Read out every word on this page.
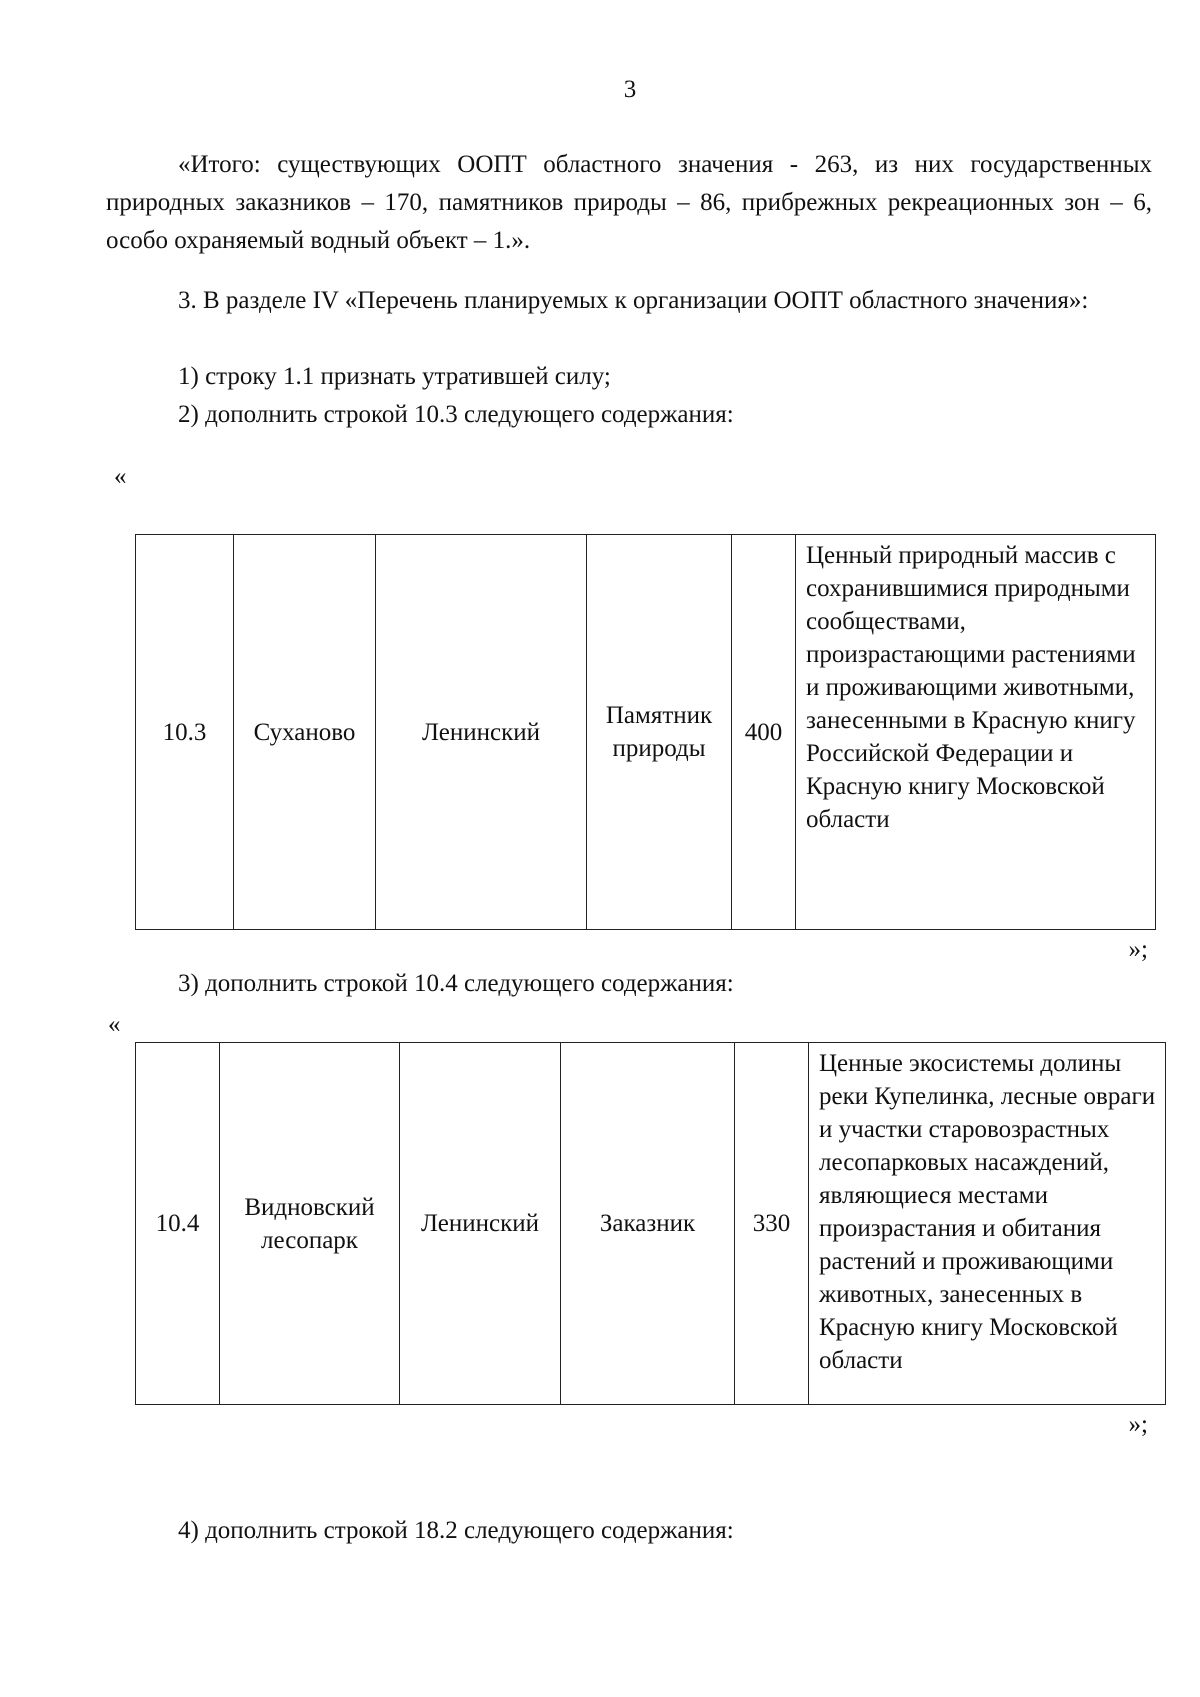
3

«Итого: существующих ООПТ областного значения - 263, из них государственных природных заказников – 170, памятников природы – 86, прибрежных рекреационных зон – 6, особо охраняемый водный объект – 1.».

3. В разделе IV «Перечень планируемых к организации ООПТ областного значения»:

1) строку 1.1 признать утратившей силу;

2) дополнить строкой 10.3 следующего содержания:

«
10.3	Суханово	Ленинский	Памятник природы	400	Ценный природный массив с сохранившимися природными сообществами, произрастающими растениями и проживающими животными, занесенными в Красную книгу Российской Федерации и Красную книгу Московской области
»;

3) дополнить строкой 10.4 следующего содержания:

«
10.4	Видновский лесопарк	Ленинский	Заказник	330	Ценные экосистемы долины реки Купелинка, лесные овраги и участки старовозрастных лесопарковых насаждений, являющиеся местами произрастания и обитания растений и проживающими животных, занесенных в Красную книгу Московской области
»;

4) дополнить строкой 18.2 следующего содержания:
